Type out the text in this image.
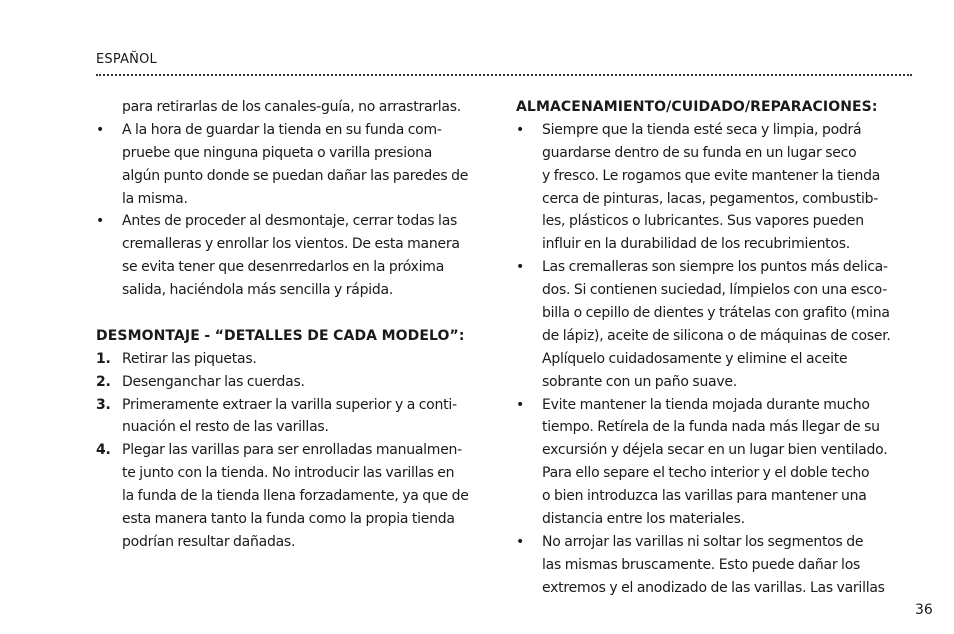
ESPAÑOL
para retirarlas de los canales-guía, no arrastrarlas.
• A la hora de guardar la tienda en su funda com-
pruebe que ninguna piqueta o varilla presiona
algún punto donde se puedan dañar las paredes de
la misma.
• Antes de proceder al desmontaje, cerrar todas las
cremalleras y enrollar los vientos. De esta manera
se evita tener que desenrredarlos en la próxima
salida, haciéndola más sencilla y rápida.
DESMONTAJE - “DETALLES DE CADA MODELO”:
1. Retirar las piquetas.
2. Desenganchar las cuerdas.
3. Primeramente extraer la varilla superior y a conti-
nuación el resto de las varillas.
4. Plegar las varillas para ser enrolladas manualmen-
te junto con la tienda. No introducir las varillas en
la funda de la tienda llena forzadamente, ya que de
esta manera tanto la funda como la propia tienda
podrían resultar dañadas.
ALMACENAMIENTO/CUIDADO/REPARACIONES:
• Siempre que la tienda esté seca y limpia, podrá
guardarse dentro de su funda en un lugar seco
y fresco. Le rogamos que evite mantener la tienda
cerca de pinturas, lacas, pegamentos, combustib-
les, plásticos o lubricantes. Sus vapores pueden
influir en la durabilidad de los recubrimientos.
• Las cremalleras son siempre los puntos más delica-
dos. Si contienen suciedad, límpielos con una esco-
billa o cepillo de dientes y trátelas con grafito (mina
de lápiz), aceite de silicona o de máquinas de coser.
Aplíquelo cuidadosamente y elimine el aceite
sobrante con un paño suave.
• Evite mantener la tienda mojada durante mucho
tiempo. Retírela de la funda nada más llegar de su
excursión y déjela secar en un lugar bien ventilado.
Para ello separe el techo interior y el doble techo
o bien introduzca las varillas para mantener una
distancia entre los materiales.
• No arrojar las varillas ni soltar los segmentos de
las mismas bruscamente. Esto puede dañar los
extremos y el anodizado de las varillas. Las varillas
36
